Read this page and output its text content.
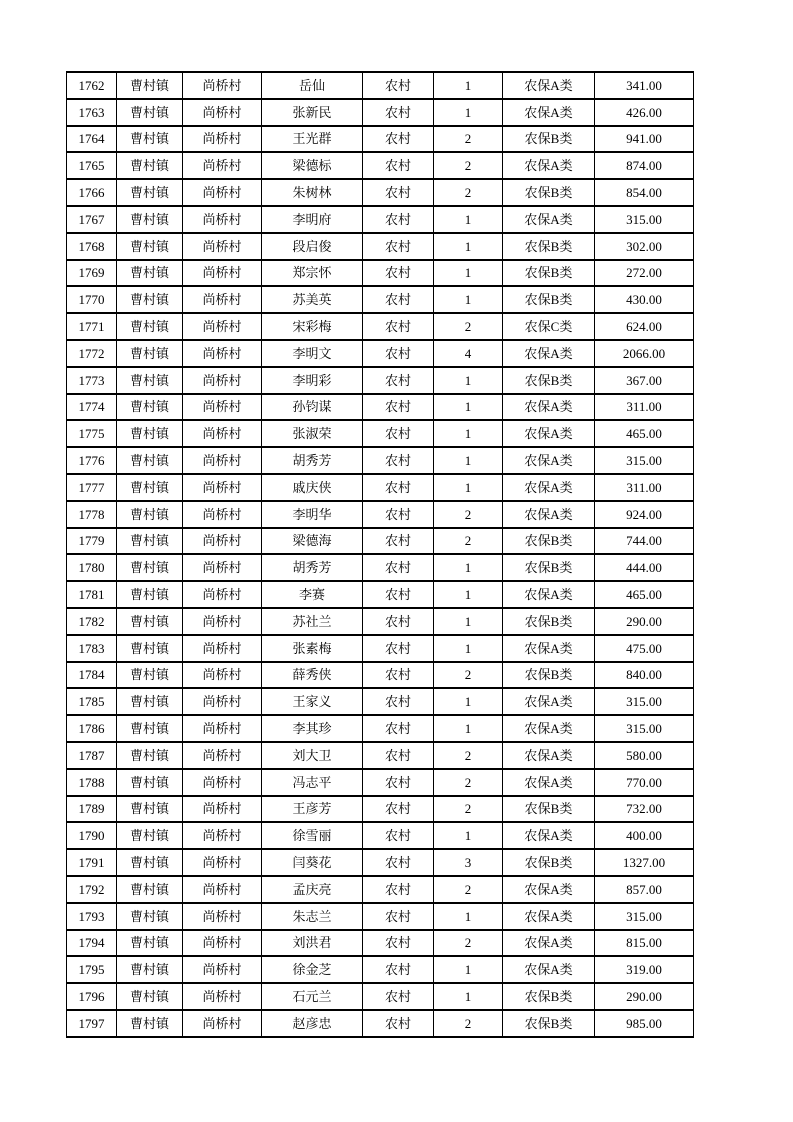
1762	曹村镇	尚桥村	岳仙	农村	1	农保A类	341.00
1763	曹村镇	尚桥村	张新民	农村	1	农保A类	426.00
1764	曹村镇	尚桥村	王光群	农村	2	农保B类	941.00
1765	曹村镇	尚桥村	梁德标	农村	2	农保A类	874.00
1766	曹村镇	尚桥村	朱树林	农村	2	农保B类	854.00
1767	曹村镇	尚桥村	李明府	农村	1	农保A类	315.00
1768	曹村镇	尚桥村	段启俊	农村	1	农保B类	302.00
1769	曹村镇	尚桥村	郑宗怀	农村	1	农保B类	272.00
1770	曹村镇	尚桥村	苏美英	农村	1	农保B类	430.00
1771	曹村镇	尚桥村	宋彩梅	农村	2	农保C类	624.00
1772	曹村镇	尚桥村	李明文	农村	4	农保A类	2066.00
1773	曹村镇	尚桥村	李明彩	农村	1	农保B类	367.00
1774	曹村镇	尚桥村	孙钧谋	农村	1	农保A类	311.00
1775	曹村镇	尚桥村	张淑荣	农村	1	农保A类	465.00
1776	曹村镇	尚桥村	胡秀芳	农村	1	农保A类	315.00
1777	曹村镇	尚桥村	戚庆侠	农村	1	农保A类	311.00
1778	曹村镇	尚桥村	李明华	农村	2	农保A类	924.00
1779	曹村镇	尚桥村	梁德海	农村	2	农保B类	744.00
1780	曹村镇	尚桥村	胡秀芳	农村	1	农保B类	444.00
1781	曹村镇	尚桥村	李赛	农村	1	农保A类	465.00
1782	曹村镇	尚桥村	苏社兰	农村	1	农保B类	290.00
1783	曹村镇	尚桥村	张素梅	农村	1	农保A类	475.00
1784	曹村镇	尚桥村	薛秀侠	农村	2	农保B类	840.00
1785	曹村镇	尚桥村	王家义	农村	1	农保A类	315.00
1786	曹村镇	尚桥村	李其珍	农村	1	农保A类	315.00
1787	曹村镇	尚桥村	刘大卫	农村	2	农保A类	580.00
1788	曹村镇	尚桥村	冯志平	农村	2	农保A类	770.00
1789	曹村镇	尚桥村	王彦芳	农村	2	农保B类	732.00
1790	曹村镇	尚桥村	徐雪丽	农村	1	农保A类	400.00
1791	曹村镇	尚桥村	闫葵花	农村	3	农保B类	1327.00
1792	曹村镇	尚桥村	孟庆亮	农村	2	农保A类	857.00
1793	曹村镇	尚桥村	朱志兰	农村	1	农保A类	315.00
1794	曹村镇	尚桥村	刘洪君	农村	2	农保A类	815.00
1795	曹村镇	尚桥村	徐金芝	农村	1	农保A类	319.00
1796	曹村镇	尚桥村	石元兰	农村	1	农保B类	290.00
1797	曹村镇	尚桥村	赵彦忠	农村	2	农保B类	985.00
